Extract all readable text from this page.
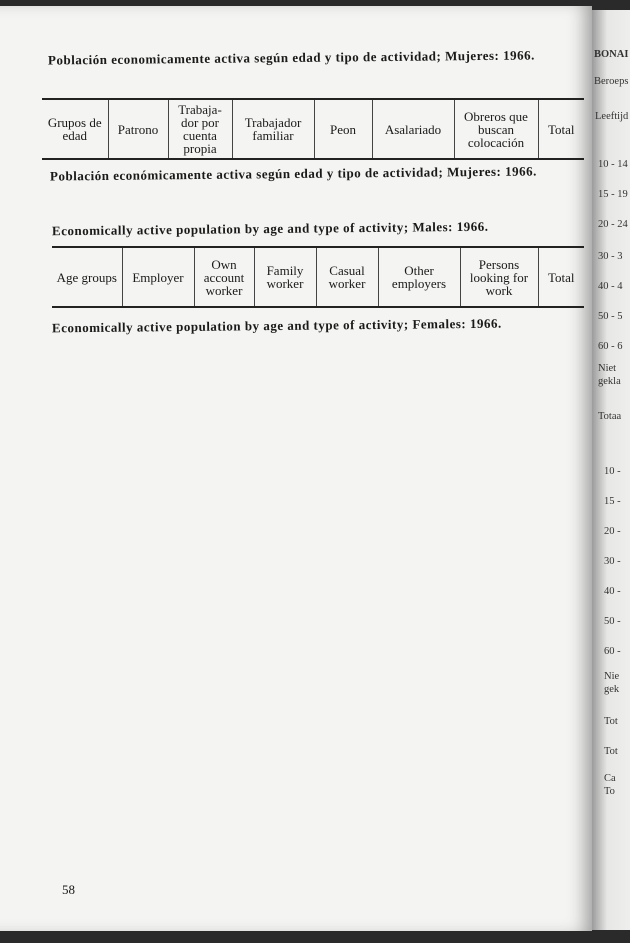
Población economicamente activa según edad y tipo de actividad; Mujeres: 1966.
Grupos de edad	Patrono	Trabaja-dor por cuenta propia	Trabajador familiar	Peon	Asalariado	Obreros que buscan colocación	Total
Población económicamente activa según edad y tipo de actividad; Mujeres: 1966.
Economically active population by age and type of activity; Males: 1966.
Age groups	Employer	Own account worker	Family worker	Casual worker	Other employers	Persons looking for work	Total
Economically active population by age and type of activity; Females: 1966.
58
BONAI
Beroeps
Leeftijd
10 - 14
15 - 19
20 - 24
30 - 3
40 - 4
50 - 5
60 - 6
Niet gekla
Totaa
10 -
15 -
20 -
30 -
40 -
50 -
60 -
Nie gek
Tot
Tot
Ca To
